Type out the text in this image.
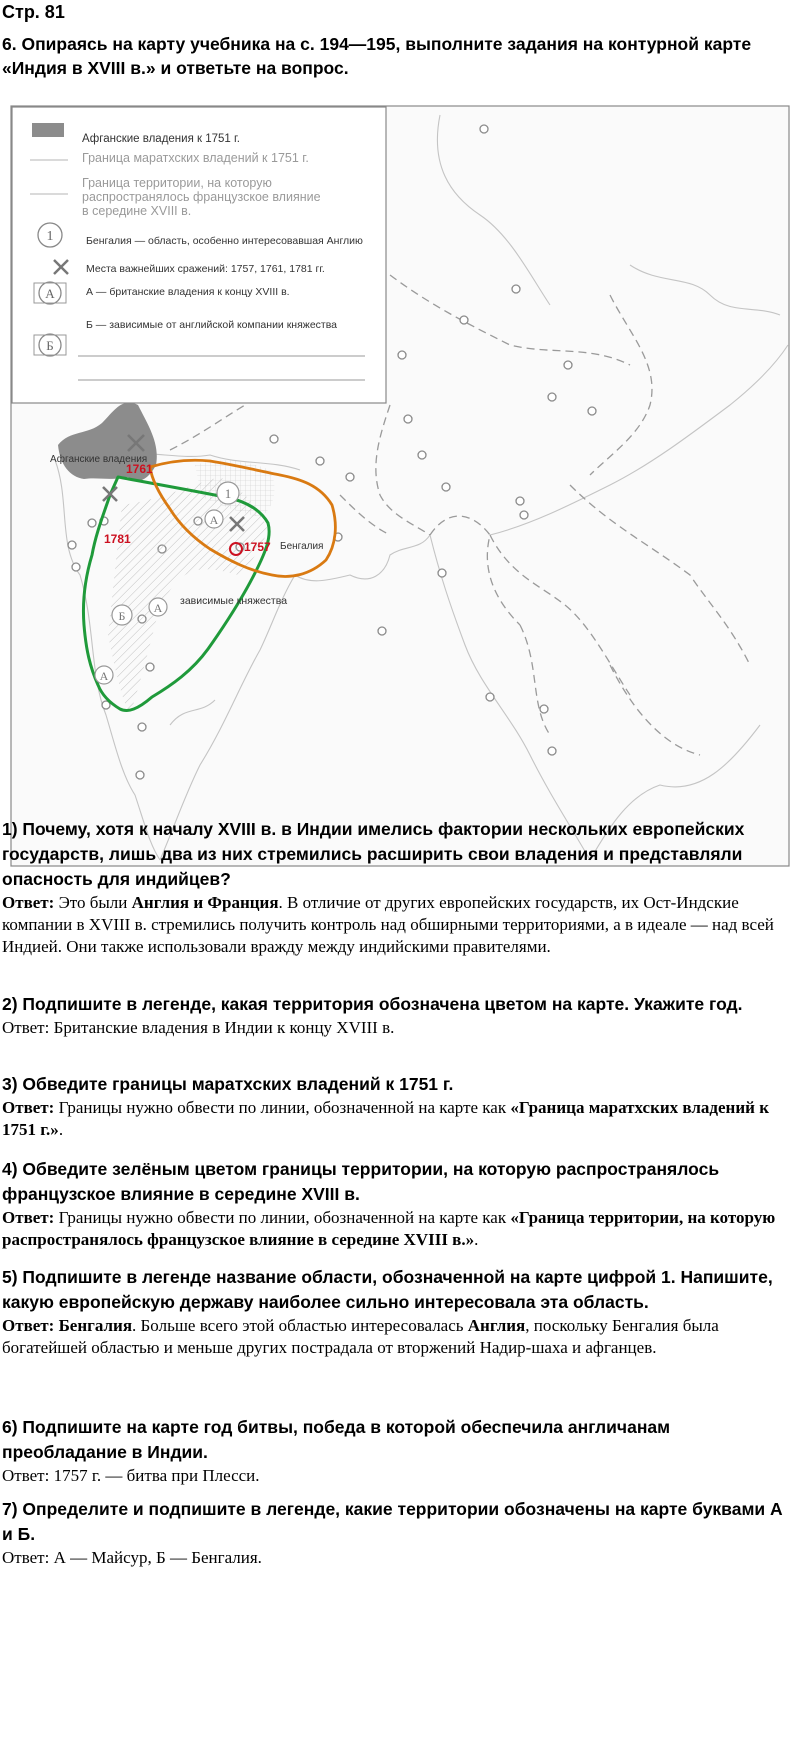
Стр. 81
6. Опираясь на карту учебника на с. 194—195, выполните задания на контурной карте «Индия в XVIII в.» и ответьте на вопрос.
1
А
Б
Афганские владения к 1751 г.
Граница маратхских владений к 1751 г.
Граница территории, на которую
распространялось французское влияние
в середине XVIII в.
Бенгалия — область, особенно интересовавшая Англию
Места важнейших сражений: 1757, 1761, 1781 гг.
А — британские владения к концу XVIII в.
Б — зависимые от английской компании княжества
1
А
А
А
Б
Афганские владения
Бенгалия
зависимые княжества
1761
1781
1757
1) Почему, хотя к началу XVIII в. в Индии имелись фактории нескольких европейских государств, лишь два из них стремились расширить свои владения и представляли опасность для индийцев?
Ответ: Это были Англия и Франция. В отличие от других европейских государств, их Ост-Индские компании в XVIII в. стремились получить контроль над обширными территориями, а в идеале — над всей Индией. Они также использовали вражду между индийскими правителями.
2) Подпишите в легенде, какая территория обозначена цветом на карте. Укажите год.
Ответ: Британские владения в Индии к концу XVIII в.
3) Обведите границы маратхских владений к 1751 г.
Ответ: Границы нужно обвести по линии, обозначенной на карте как «Граница маратхских владений к 1751 г.».
4) Обведите зелёным цветом границы территории, на которую распространялось французское влияние в середине XVIII в.
Ответ: Границы нужно обвести по линии, обозначенной на карте как «Граница территории, на которую распространялось французское влияние в середине XVIII в.».
5) Подпишите в легенде название области, обозначенной на карте цифрой 1. Напишите, какую европейскую державу наиболее сильно интересовала эта область.
Ответ: Бенгалия. Больше всего этой областью интересовалась Англия, поскольку Бенгалия была богатейшей областью и меньше других пострадала от вторжений Надир-шаха и афганцев.
6) Подпишите на карте год битвы, победа в которой обеспечила англичанам преобладание в Индии.
Ответ: 1757 г. — битва при Плесси.
7) Определите и подпишите в легенде, какие территории обозначены на карте буквами А и Б.
Ответ: А — Майсур, Б — Бенгалия.
